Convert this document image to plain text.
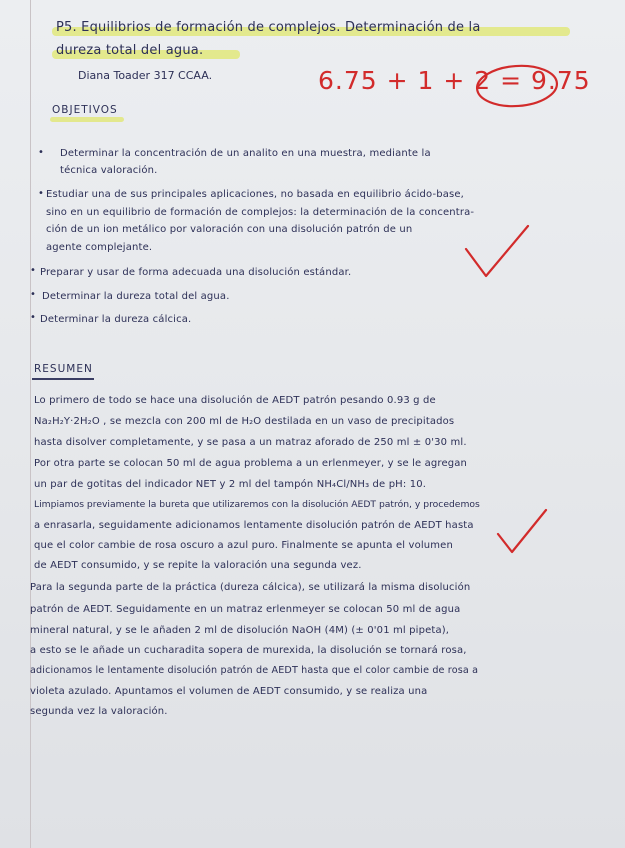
P5. Equilibrios de formación de complejos. Determinación de la
dureza total del agua.
Diana Toader 317 CCAA.	6.75 + 1 + 2 = 9.75
OBJETIVOS
• Determinar la concentración de un analito en una muestra, mediante la
técnica valoración.
• Estudiar una de sus principales aplicaciones, no basada en equilibrio ácido-base,
sino en un equilibrio de formación de complejos: la determinación de la concentra-
ción de un ion metálico por valoración con una disolución patrón de un
agente complejante.
• Preparar y usar de forma adecuada una disolución estándar.
• Determinar la dureza total del agua.
• Determinar la dureza cálcica.
RESUMEN
Lo primero de todo se hace una disolución de AEDT patrón pesando 0.93 g de
Na₂H₂Y·2H₂O , se mezcla con 200 ml de H₂O destilada en un vaso de precipitados
hasta disolver completamente, y se pasa a un matraz aforado de 250 ml ± 0'30 ml.
Por otra parte se colocan 50 ml de agua problema a un erlenmeyer, y se le agregan
un par de gotitas del indicador NET y 2 ml del tampón NH₄Cl/NH₃ de pH: 10.
Limpiamos previamente la bureta que utilizaremos con la disolución AEDT patrón, y procedemos
a enrasarla, seguidamente adicionamos lentamente disolución patrón de AEDT hasta
que el color cambie de rosa oscuro a azul puro. Finalmente se apunta el volumen
de AEDT consumido, y se repite la valoración una segunda vez.
Para la segunda parte de la práctica (dureza cálcica), se utilizará la misma disolución
patrón de AEDT. Seguidamente en un matraz erlenmeyer se colocan 50 ml de agua
mineral natural, y se le añaden 2 ml de disolución NaOH (4M) (± 0'01 ml pipeta),
a esto se le añade un cucharadita sopera de murexida, la disolución se tornará rosa,
adicionamos le lentamente disolución patrón de AEDT hasta que el color cambie de rosa a
violeta azulado. Apuntamos el volumen de AEDT consumido, y se realiza una
segunda vez la valoración.
